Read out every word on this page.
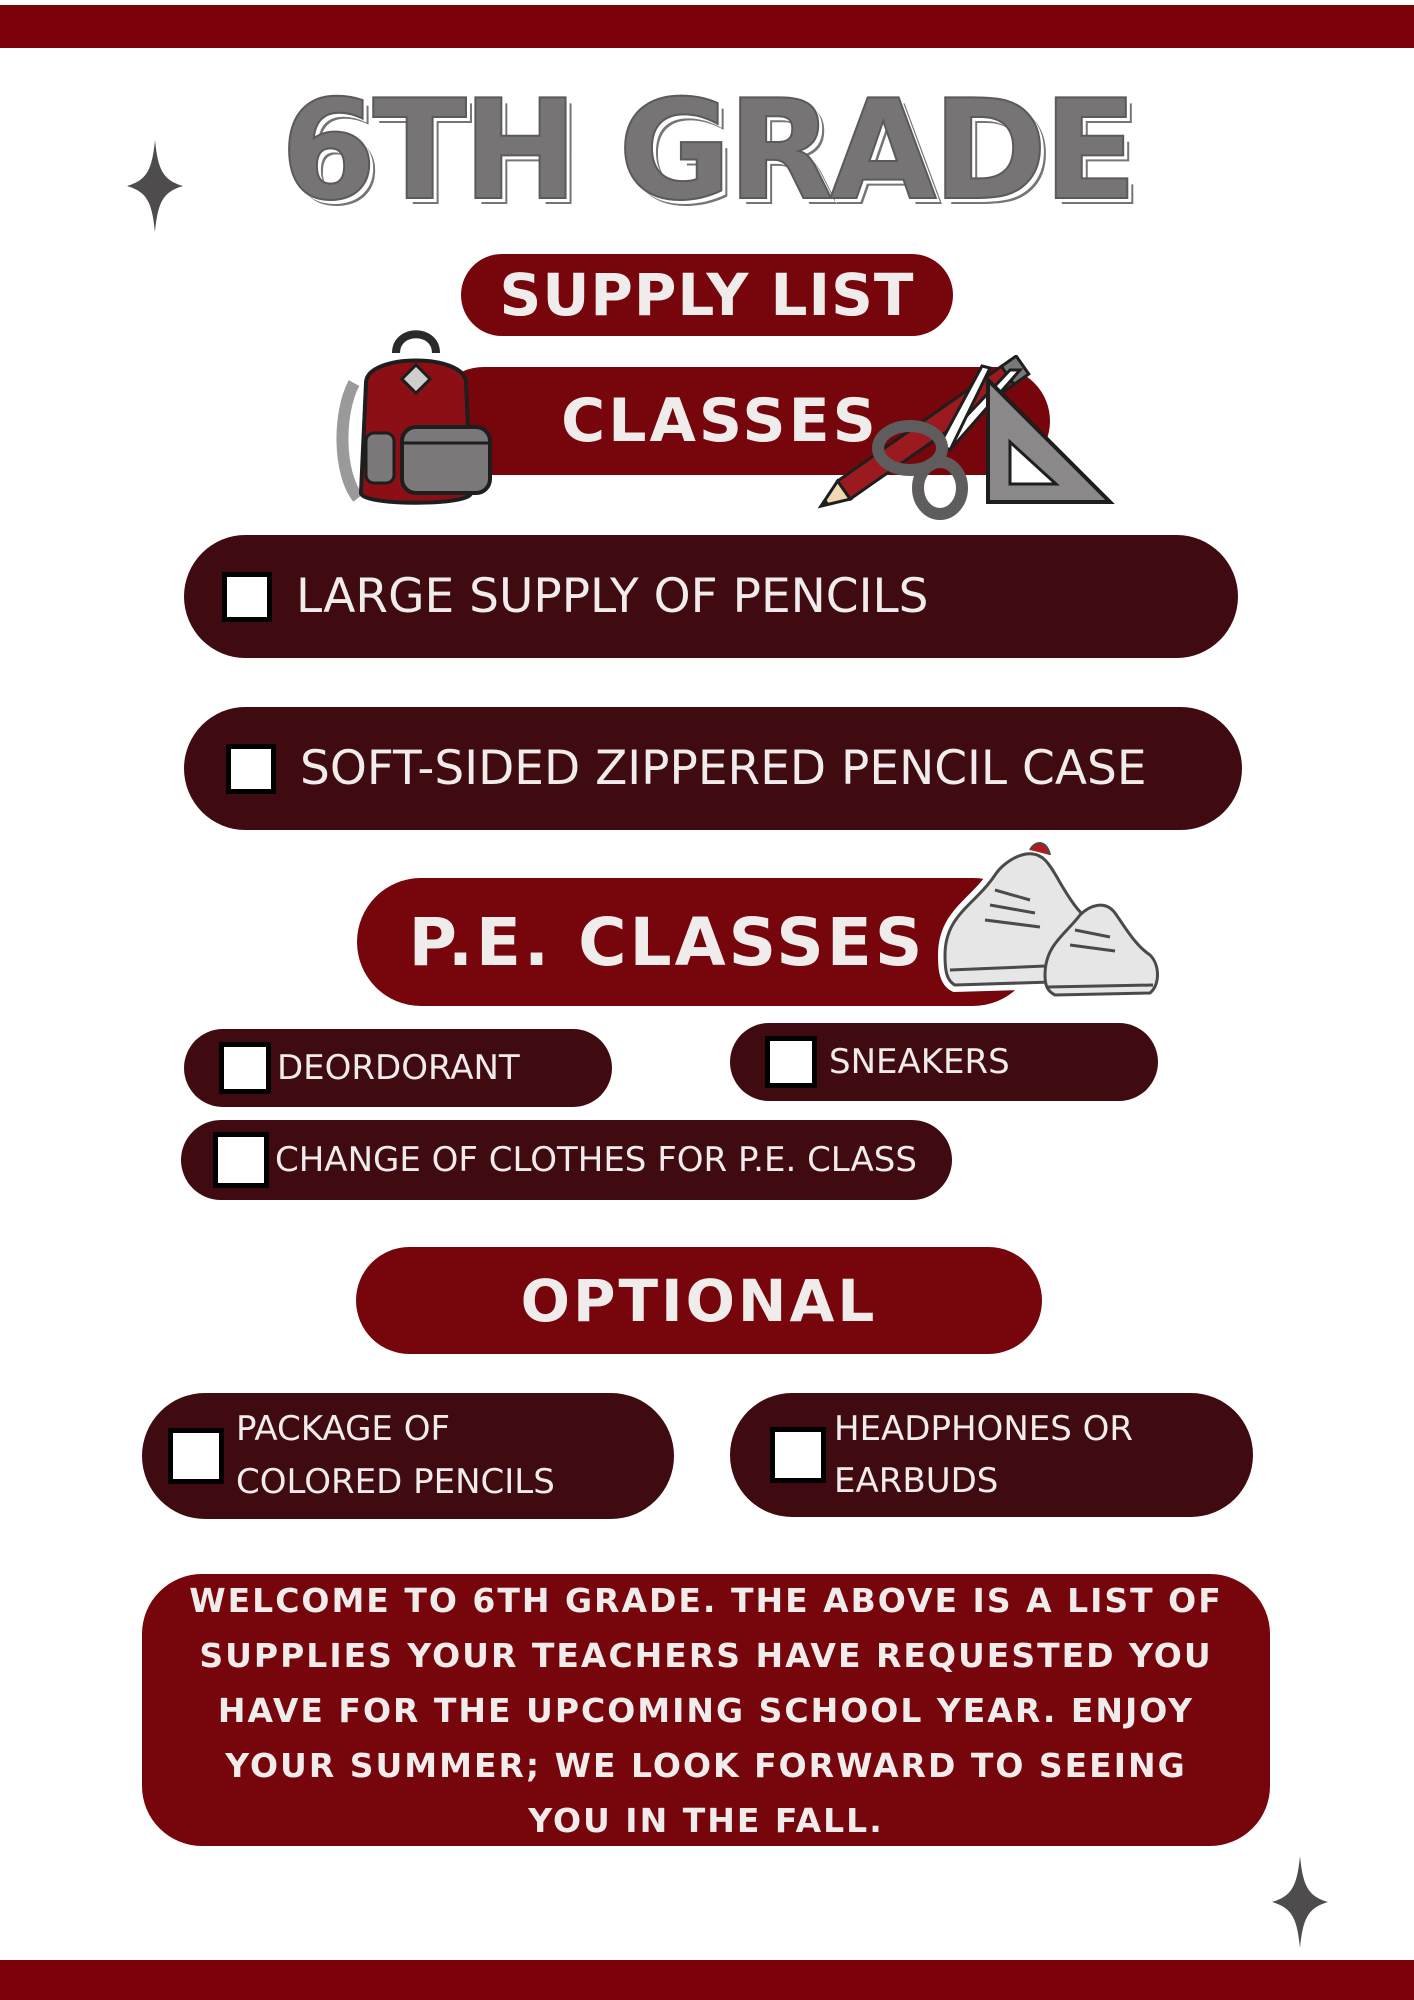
6TH GRADE
SUPPLY LIST
CLASSES
LARGE SUPPLY OF PENCILS
SOFT-SIDED ZIPPERED PENCIL CASE
P.E. CLASSES
DEORDORANT	SNEAKERS
CHANGE OF CLOTHES FOR P.E. CLASS
OPTIONAL
PACKAGE OF
COLORED PENCILS
HEADPHONES OR
EARBUDS
WELCOME TO 6TH GRADE. THE ABOVE IS A LIST OF SUPPLIES YOUR TEACHERS HAVE REQUESTED YOU HAVE FOR THE UPCOMING SCHOOL YEAR. ENJOY YOUR SUMMER; WE LOOK FORWARD TO SEEING YOU IN THE FALL.
